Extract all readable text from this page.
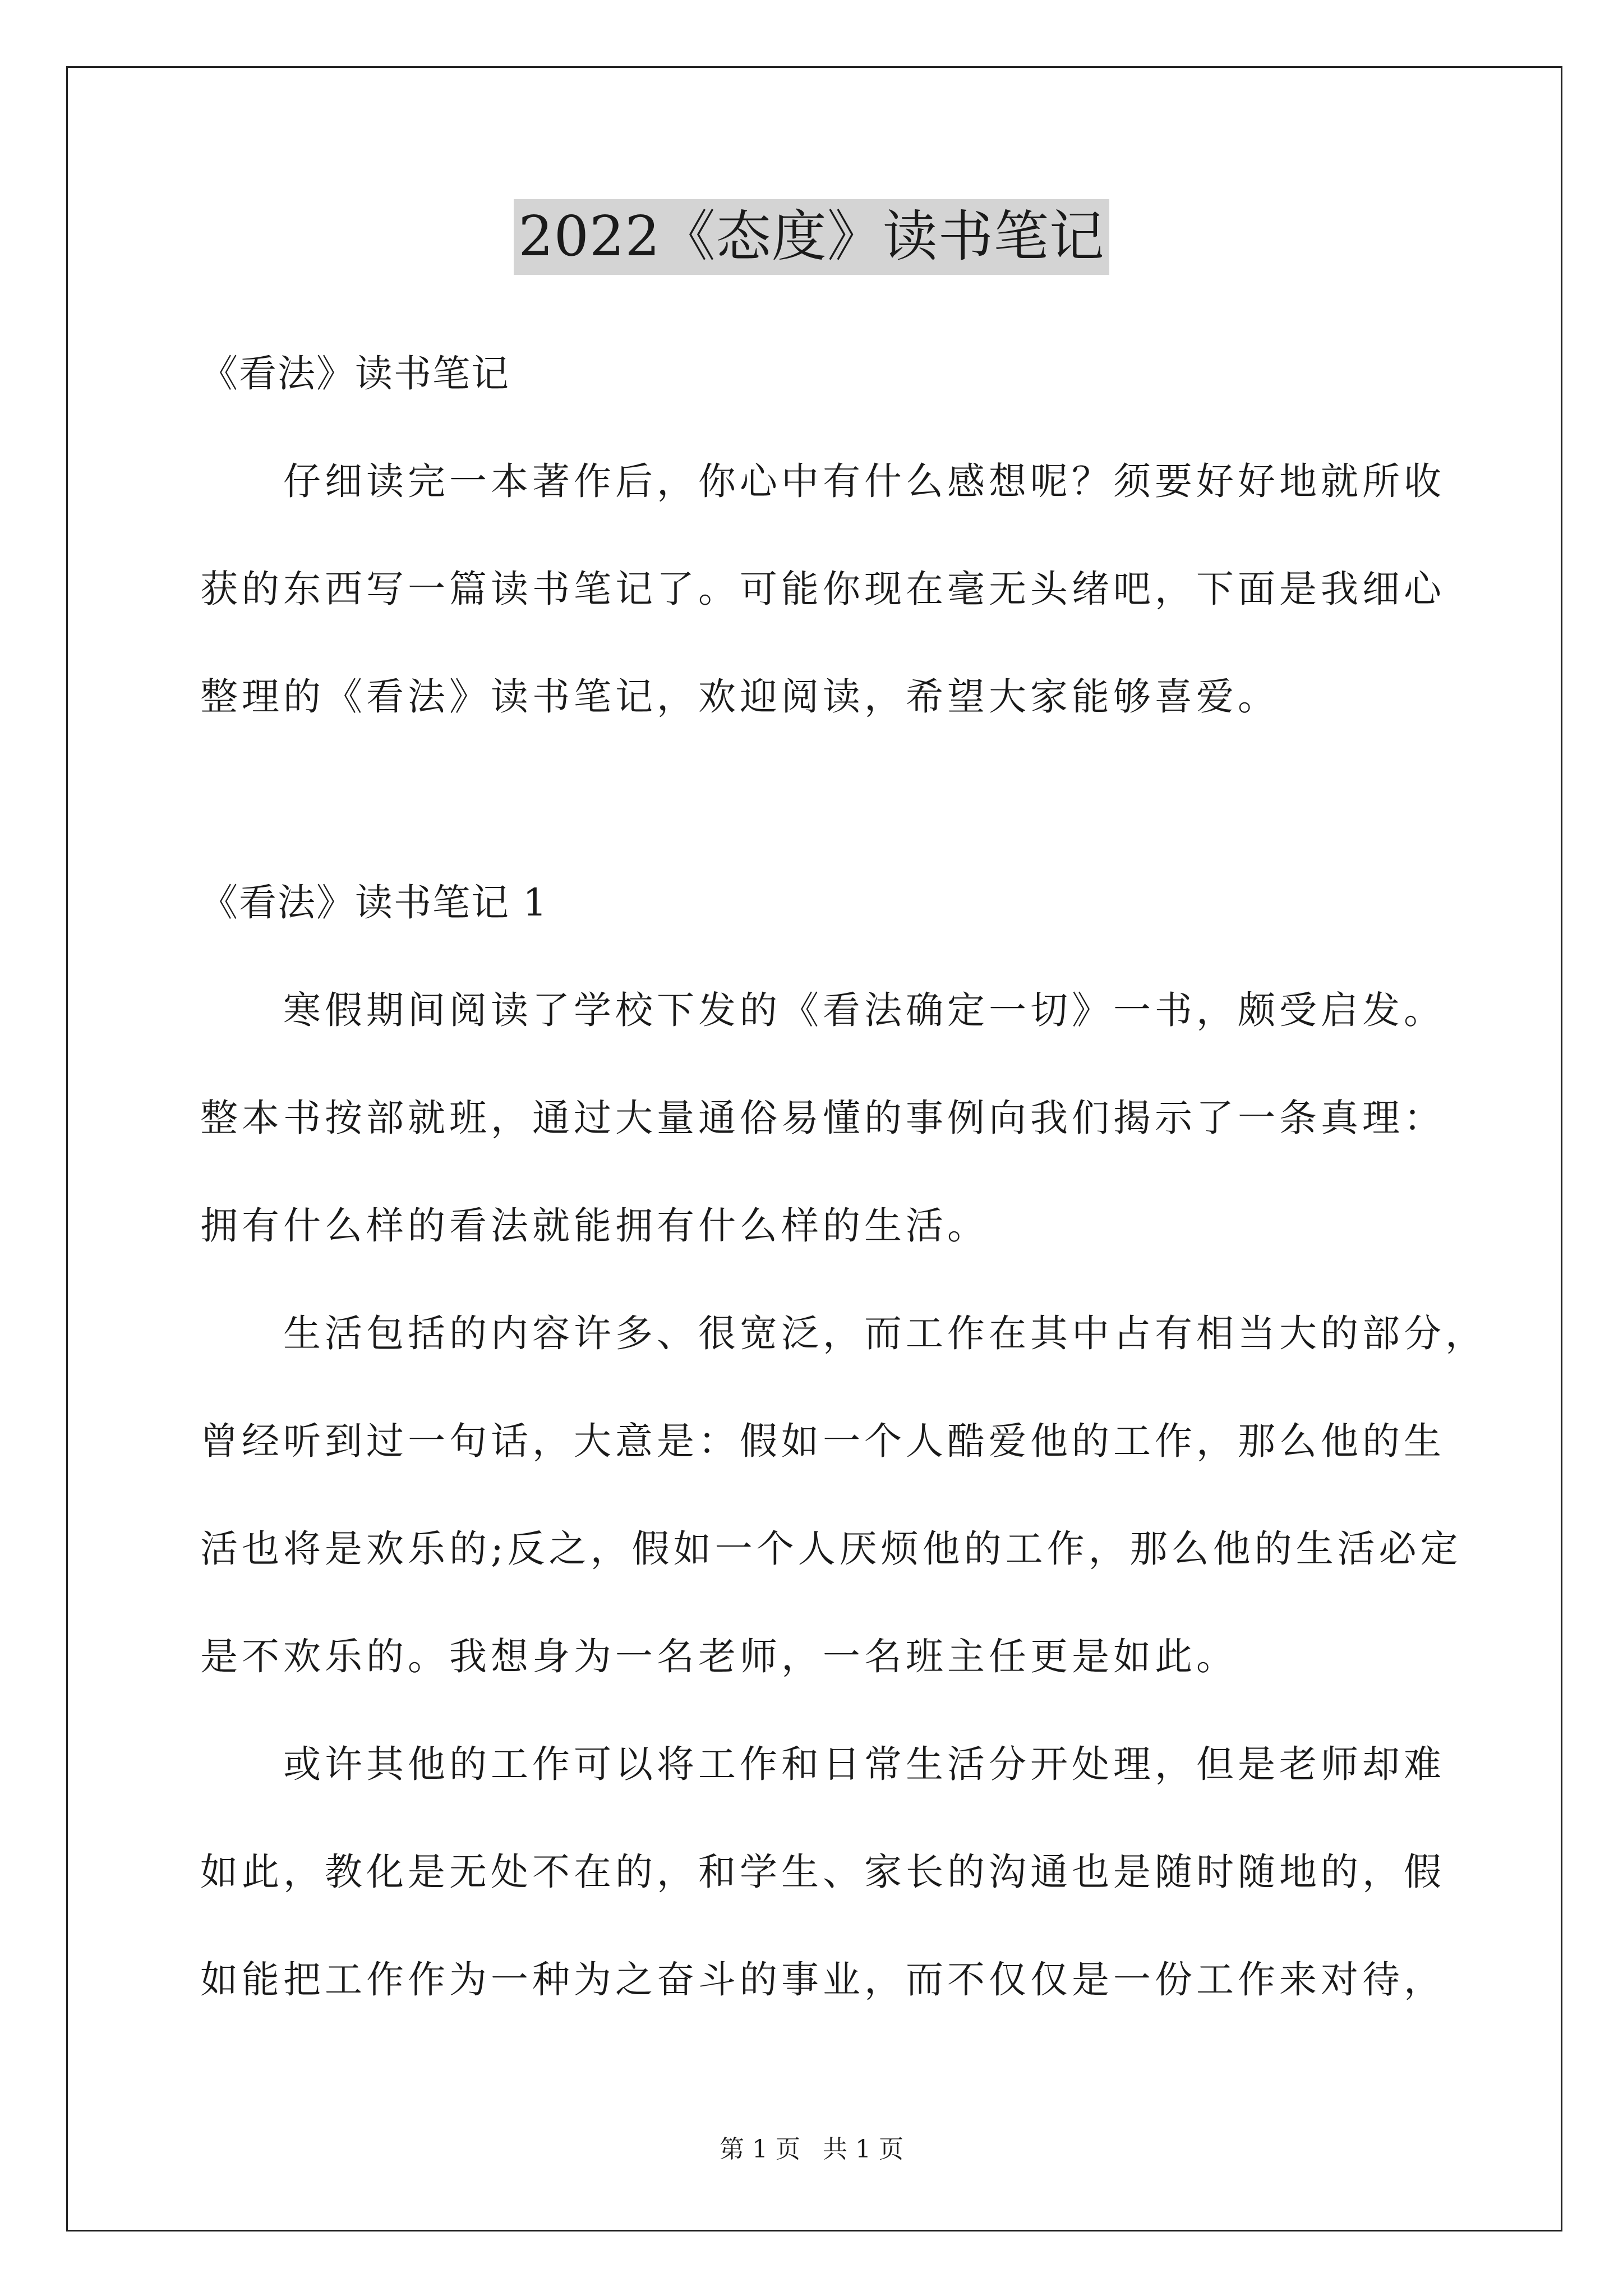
2022《态度》读书笔记
《看法》读书笔记
仔细读完一本著作后，你心中有什么感想呢？须要好好地就所收
获的东西写一篇读书笔记了。可能你现在毫无头绪吧，下面是我细心
整理的《看法》读书笔记，欢迎阅读，希望大家能够喜爱。
《看法》读书笔记 1
寒假期间阅读了学校下发的《看法确定一切》一书，颇受启发。
整本书按部就班，通过大量通俗易懂的事例向我们揭示了一条真理：
拥有什么样的看法就能拥有什么样的生活。
生活包括的内容许多、很宽泛，而工作在其中占有相当大的部分，
曾经听到过一句话，大意是：假如一个人酷爱他的工作，那么他的生
活也将是欢乐的;反之，假如一个人厌烦他的工作，那么他的生活必定
是不欢乐的。我想身为一名老师，一名班主任更是如此。
或许其他的工作可以将工作和日常生活分开处理，但是老师却难
如此，教化是无处不在的，和学生、家长的沟通也是随时随地的，假
如能把工作作为一种为之奋斗的事业，而不仅仅是一份工作来对待，
第 1 页 共 1 页
